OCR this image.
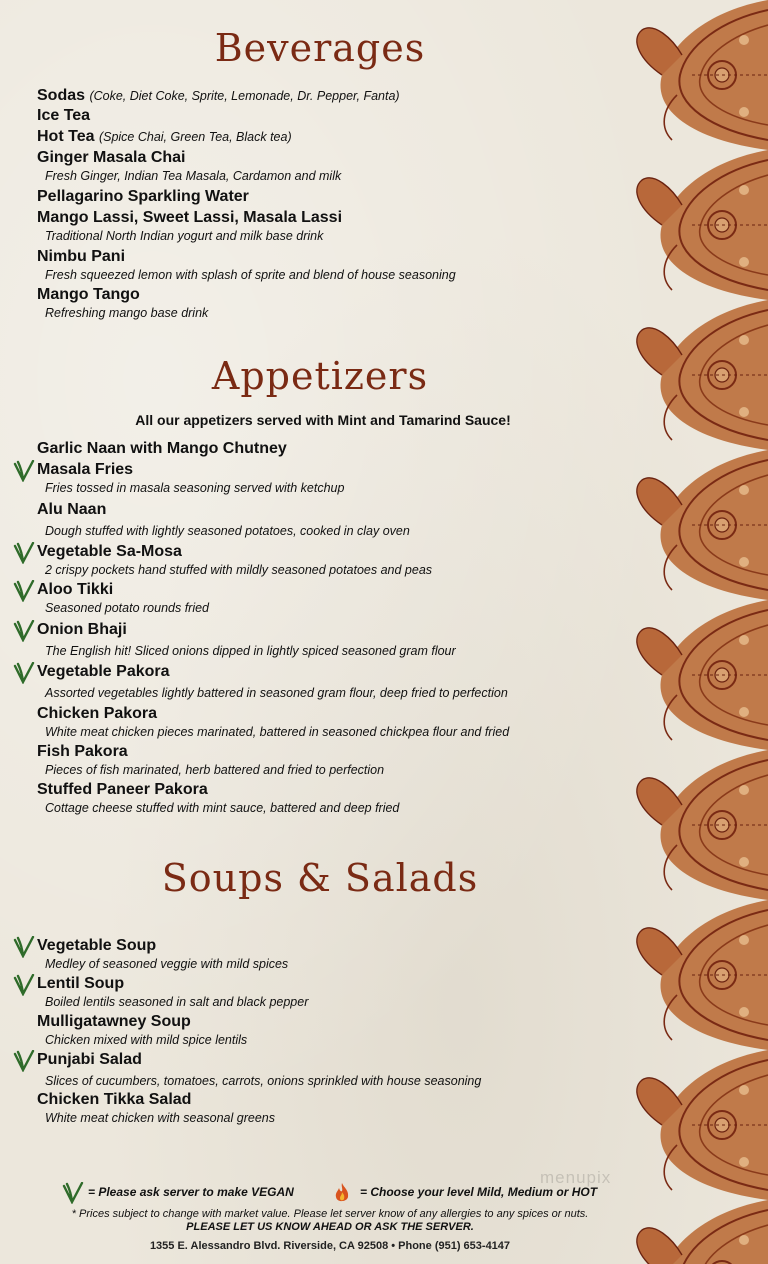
Beverages
Sodas (Coke, Diet Coke, Sprite, Lemonade, Dr. Pepper, Fanta)
Ice Tea
Hot Tea (Spice Chai, Green Tea, Black tea)
Ginger Masala Chai
Fresh Ginger, Indian Tea Masala, Cardamon and milk
Pellagarino Sparkling Water
Mango Lassi, Sweet Lassi, Masala Lassi
Traditional North Indian yogurt and milk base drink
Nimbu Pani
Fresh squeezed lemon with splash of sprite and blend of house seasoning
Mango Tango
Refreshing mango base drink
Appetizers
All our appetizers served with Mint and Tamarind Sauce!
Garlic Naan with Mango Chutney
Masala Fries
Fries tossed in masala seasoning served with ketchup
Alu Naan
Dough stuffed with lightly seasoned potatoes, cooked in clay oven
Vegetable Sa-Mosa
2 crispy pockets hand stuffed with mildly seasoned potatoes and peas
Aloo Tikki
Seasoned potato rounds fried
Onion Bhaji
The English hit! Sliced onions dipped in lightly spiced seasoned gram flour
Vegetable Pakora
Assorted vegetables lightly battered in seasoned gram flour, deep fried to perfection
Chicken Pakora
White meat chicken pieces marinated, battered in seasoned chickpea flour and fried
Fish Pakora
Pieces of fish marinated, herb battered and fried to perfection
Stuffed Paneer Pakora
Cottage cheese stuffed with mint sauce, battered and deep fried
Soups & Salads
Vegetable Soup
Medley of seasoned veggie with mild spices
Lentil Soup
Boiled lentils seasoned in salt and black pepper
Mulligatawney Soup
Chicken mixed with mild spice lentils
Punjabi Salad
Slices of cucumbers, tomatoes, carrots, onions sprinkled with house seasoning
Chicken Tikka Salad
White meat chicken with seasonal greens
= Please ask server to make VEGAN	= Choose your level Mild, Medium or HOT
* Prices subject to change with market value. Please let server know of any allergies to any spices or nuts.
PLEASE LET US KNOW AHEAD OR ASK THE SERVER.
1355 E. Alessandro Blvd. Riverside, CA 92508 • Phone (951) 653-4147
menupix
